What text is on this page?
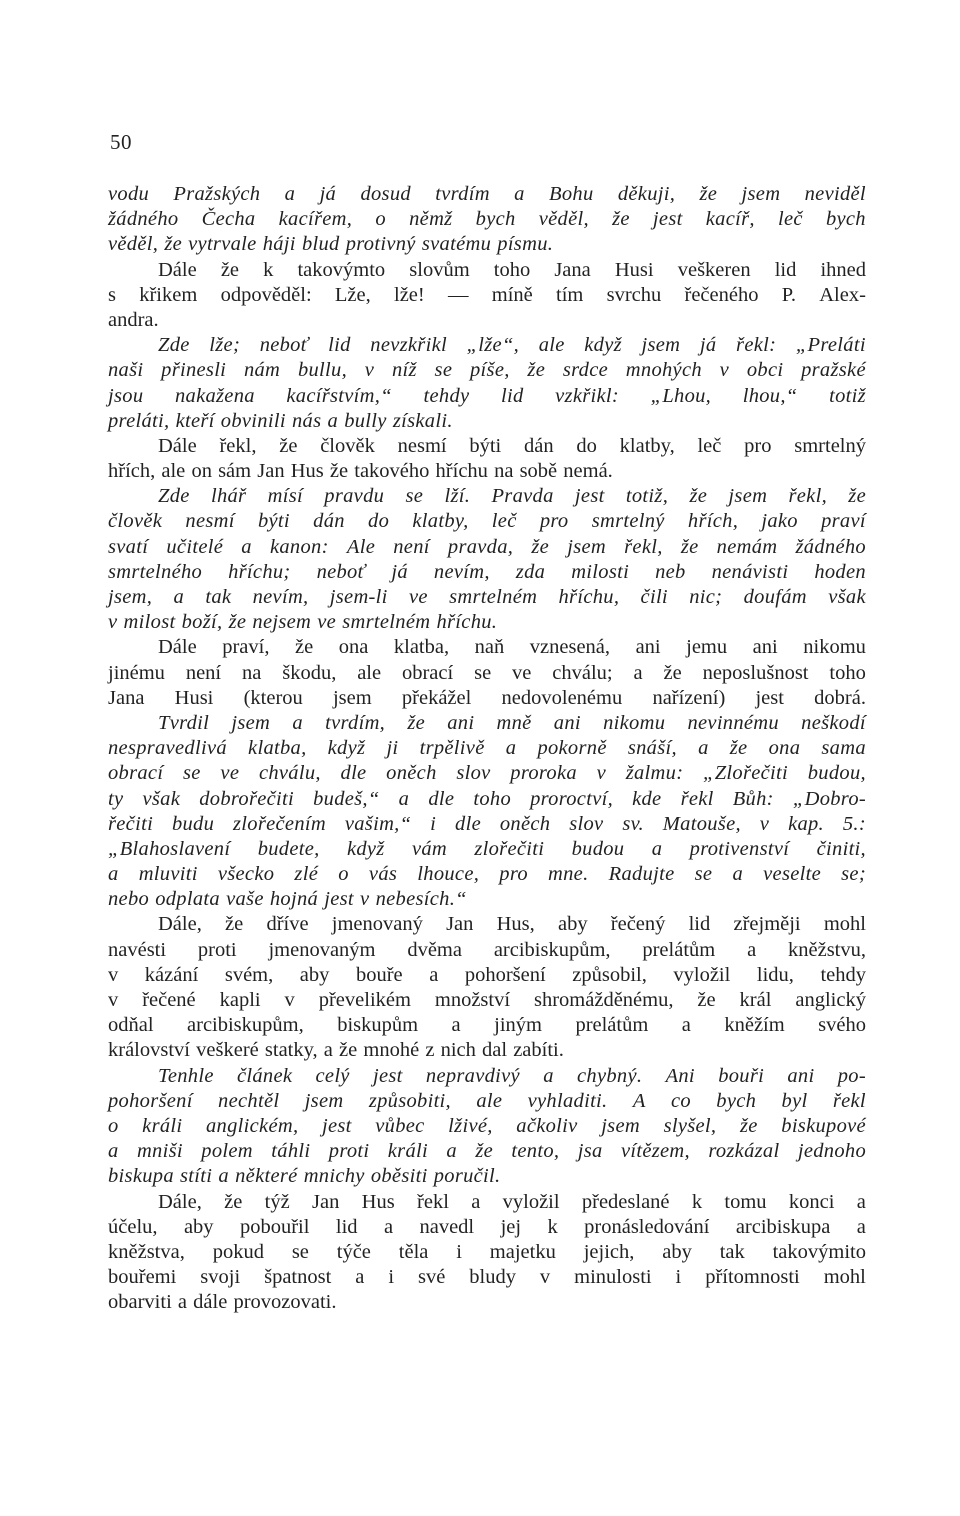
50
vodu Pražských a já dosud tvrdím a Bohu děkuji, že jsem neviděl
žádného Čecha kacířem, o němž bych věděl, že jest kacíř, leč bych
věděl, že vytrvale háji blud protivný svatému písmu.
Dále že k takovýmto slovům toho Jana Husi veškeren lid ihned
s křikem odpověděl: Lže, lže! — míně tím svrchu řečeného P. Alex-
andra.
Zde lže; neboť lid nevzkřikl „lže“, ale když jsem já řekl: „Preláti
naši přinesli nám bullu, v níž se píše, že srdce mnohých v obci pražské
jsou nakažena kacířstvím,“ tehdy lid vzkřikl: „Lhou, lhou,“ totiž
preláti, kteří obvinili nás a bully získali.
Dále řekl, že člověk nesmí býti dán do klatby, leč pro smrtelný
hřích, ale on sám Jan Hus že takového hříchu na sobě nemá.
Zde lhář mísí pravdu se lží. Pravda jest totiž, že jsem řekl, že
člověk nesmí býti dán do klatby, leč pro smrtelný hřích, jako praví
svatí učitelé a kanon: Ale není pravda, že jsem řekl, že nemám žádného
smrtelného hříchu; neboť já nevím, zda milosti neb nenávisti hoden
jsem, a tak nevím, jsem-li ve smrtelném hříchu, čili nic; doufám však
v milost boží, že nejsem ve smrtelném hříchu.
Dále praví, že ona klatba, naň vznesená, ani jemu ani nikomu
jinému není na škodu, ale obrací se ve chválu; a že neposlušnost toho
Jana Husi (kterou jsem překážel nedovolenému nařízení) jest dobrá.
Tvrdil jsem a tvrdím, že ani mně ani nikomu nevinnému neškodí
nespravedlivá klatba, když ji trpělivě a pokorně snáší, a že ona sama
obrací se ve chválu, dle oněch slov proroka v žalmu: „Zlořečiti budou,
ty však dobrořečiti budeš,“ a dle toho proroctví, kde řekl Bůh: „Dobro-
řečiti budu zlořečením vašim,“ i dle oněch slov sv. Matouše, v kap. 5.:
„Blahoslavení budete, když vám zlořečiti budou a protivenství činiti,
a mluviti všecko zlé o vás lhouce, pro mne. Radujte se a veselte se;
nebo odplata vaše hojná jest v nebesích.“
Dále, že dříve jmenovaný Jan Hus, aby řečený lid zřejměji mohl
navésti proti jmenovaným dvěma arcibiskupům, prelátům a kněžstvu,
v kázání svém, aby bouře a pohoršení způsobil, vyložil lidu, tehdy
v řečené kapli v převelikém množství shromážděnému, že král anglický
odňal arcibiskupům, biskupům a jiným prelátům a kněžím svého
království veškeré statky, a že mnohé z nich dal zabíti.
Tenhle článek celý jest nepravdivý a chybný. Ani bouři ani po-
pohoršení nechtěl jsem způsobiti, ale vyhladiti. A co bych byl řekl
o králi anglickém, jest vůbec lživé, ačkoliv jsem slyšel, že biskupové
a mniši polem táhli proti králi a že tento, jsa vítězem, rozkázal jednoho
biskupa stíti a některé mnichy oběsiti poručil.
Dále, že týž Jan Hus řekl a vyložil předeslané k tomu konci a
účelu, aby pobouřil lid a navedl jej k pronásledování arcibiskupa a
kněžstva, pokud se týče těla i majetku jejich, aby tak takovýmito
bouřemi svoji špatnost a i své bludy v minulosti i přítomnosti mohl
obarviti a dále provozovati.
